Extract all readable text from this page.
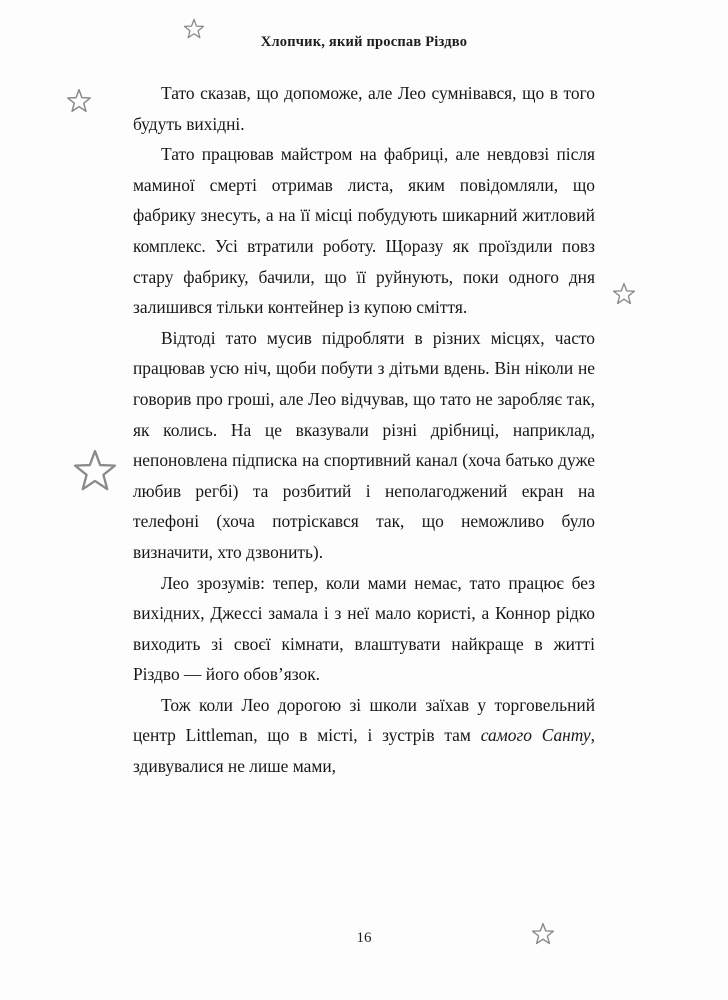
Хлопчик, який проспав Різдво

Тато сказав, що допоможе, але Лео сумнівався, що в того будуть вихідні.

Тато працював майстром на фабриці, але невдовзі після маминої смерті отримав листа, яким повідомляли, що фабрику знесуть, а на її місці побудують шикарний житловий комплекс. Усі втратили роботу. Щоразу як проїздили повз стару фабрику, бачили, що її руйнують, поки одного дня залишився тільки контейнер із купою сміття.

Відтоді тато мусив підробляти в різних місцях, часто працював усю ніч, щоби побути з дітьми вдень. Він ніколи не говорив про гроші, але Лео відчував, що тато не заробляє так, як колись. На це вказували різні дрібниці, наприклад, непоновлена підписка на спортивний канал (хоча батько дуже любив регбі) та розбитий і неполагоджений екран на телефоні (хоча потріскався так, що неможливо було визначити, хто дзвонить).

Лео зрозумів: тепер, коли мами немає, тато працює без вихідних, Джессі замала і з неї мало користі, а Коннор рідко виходить зі своєї кімнати, влаштувати найкраще в житті Різдво — його обов’язок.

Тож коли Лео дорогою зі школи заїхав у торговельний центр Littleman, що в місті, і зустрів там самого Санту, здивувалися не лише мами,

16
